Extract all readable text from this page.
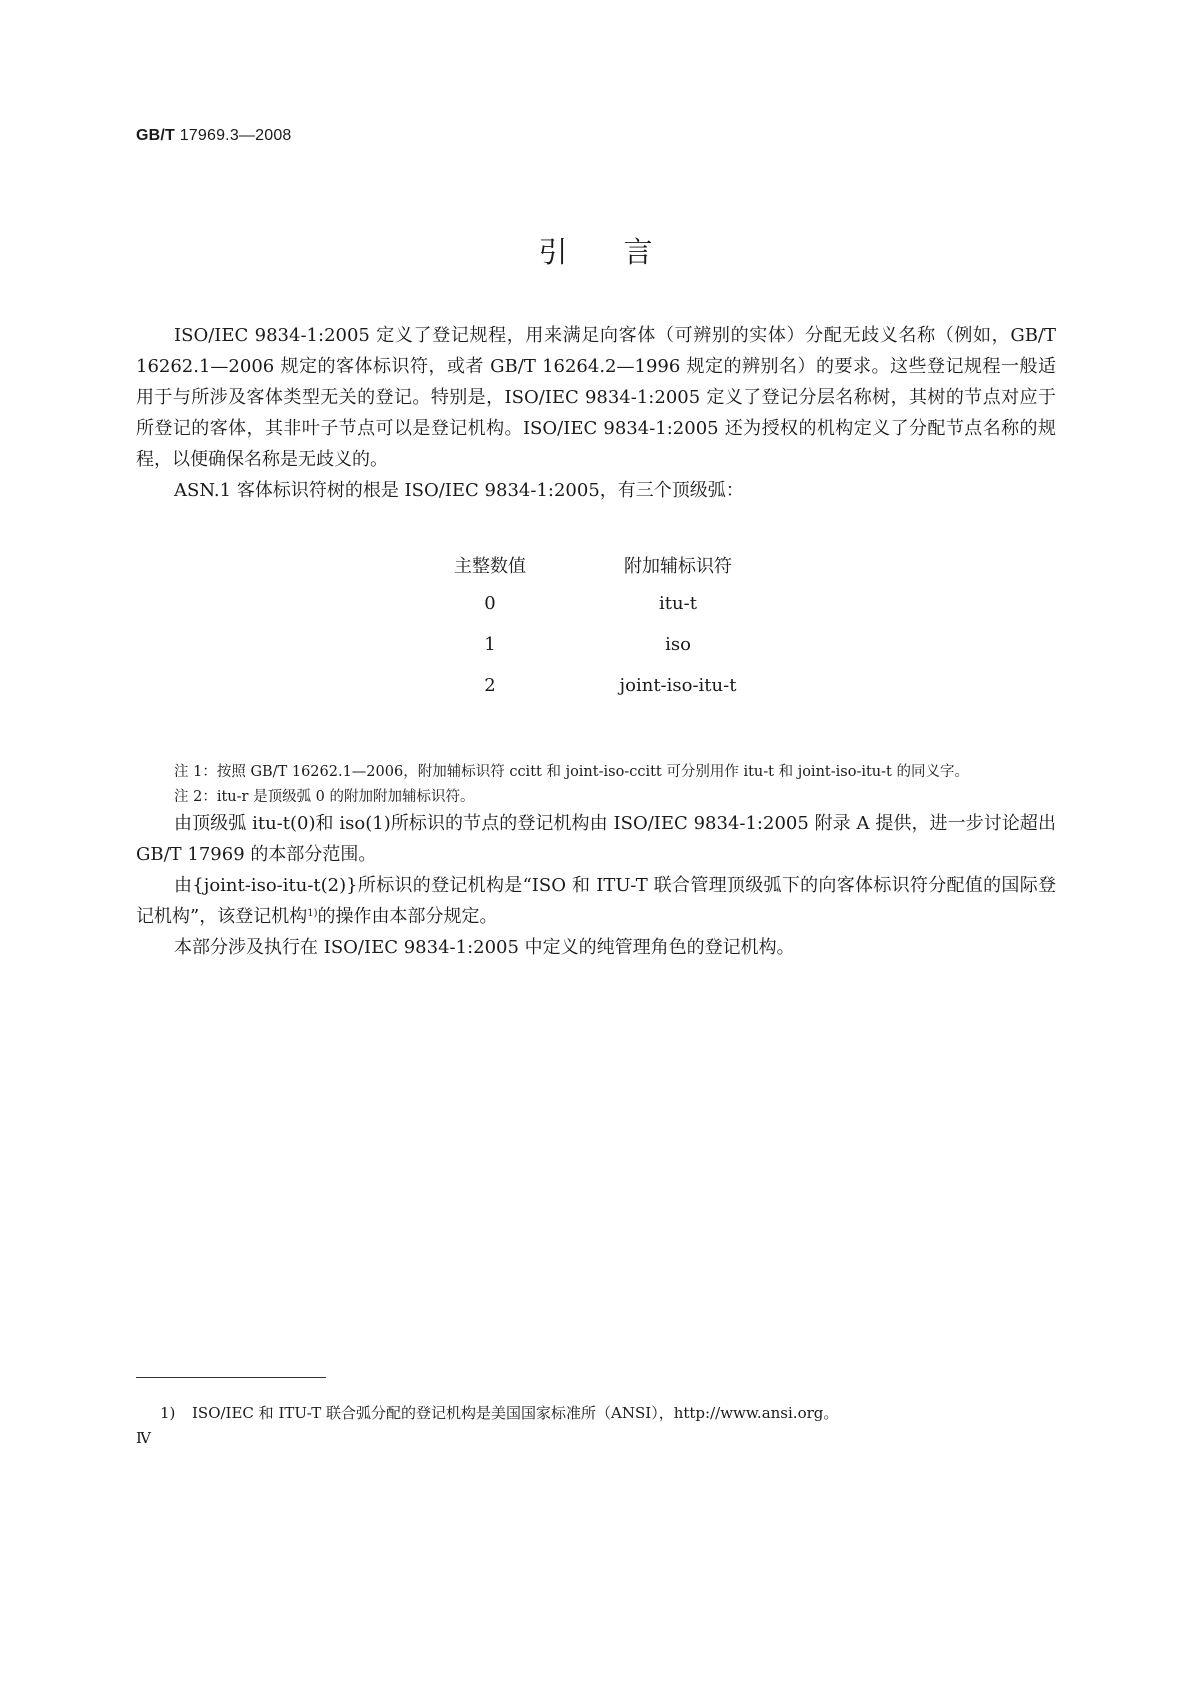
GB/T 17969.3—2008
引言

ISO/IEC 9834-1:2005 定义了登记规程，用来满足向客体（可辨别的实体）分配无歧义名称（例如，GB/T 16262.1—2006 规定的客体标识符，或者 GB/T 16264.2—1996 规定的辨别名）的要求。这些登记规程一般适用于与所涉及客体类型无关的登记。特别是，ISO/IEC 9834-1:2005 定义了登记分层名称树，其树的节点对应于所登记的客体，其非叶子节点可以是登记机构。ISO/IEC 9834-1:2005 还为授权的机构定义了分配节点名称的规程，以便确保名称是无歧义的。

ASN.1 客体标识符树的根是 ISO/IEC 9834-1:2005，有三个顶级弧：

主整数值	附加辅标识符
0	itu-t
1	iso
2	joint-iso-itu-t
注 1：按照 GB/T 16262.1—2006，附加辅标识符 ccitt 和 joint-iso-ccitt 可分别用作 itu-t 和 joint-iso-itu-t 的同义字。
注 2：itu-r 是顶级弧 0 的附加附加辅标识符。

由顶级弧 itu-t(0)和 iso(1)所标识的节点的登记机构由 ISO/IEC 9834-1:2005 附录 A 提供，进一步讨论超出 GB/T 17969 的本部分范围。

由{joint-iso-itu-t(2)}所标识的登记机构是“ISO 和 ITU-T 联合管理顶级弧下的向客体标识符分配值的国际登记机构”，该登记机构$^{1)}$的操作由本部分规定。

本部分涉及执行在 ISO/IEC 9834-1:2005 中定义的纯管理角色的登记机构。

1) ISO/IEC 和 ITU-T 联合弧分配的登记机构是美国国家标准所（ANSI），http://www.ansi.org。
Ⅳ
